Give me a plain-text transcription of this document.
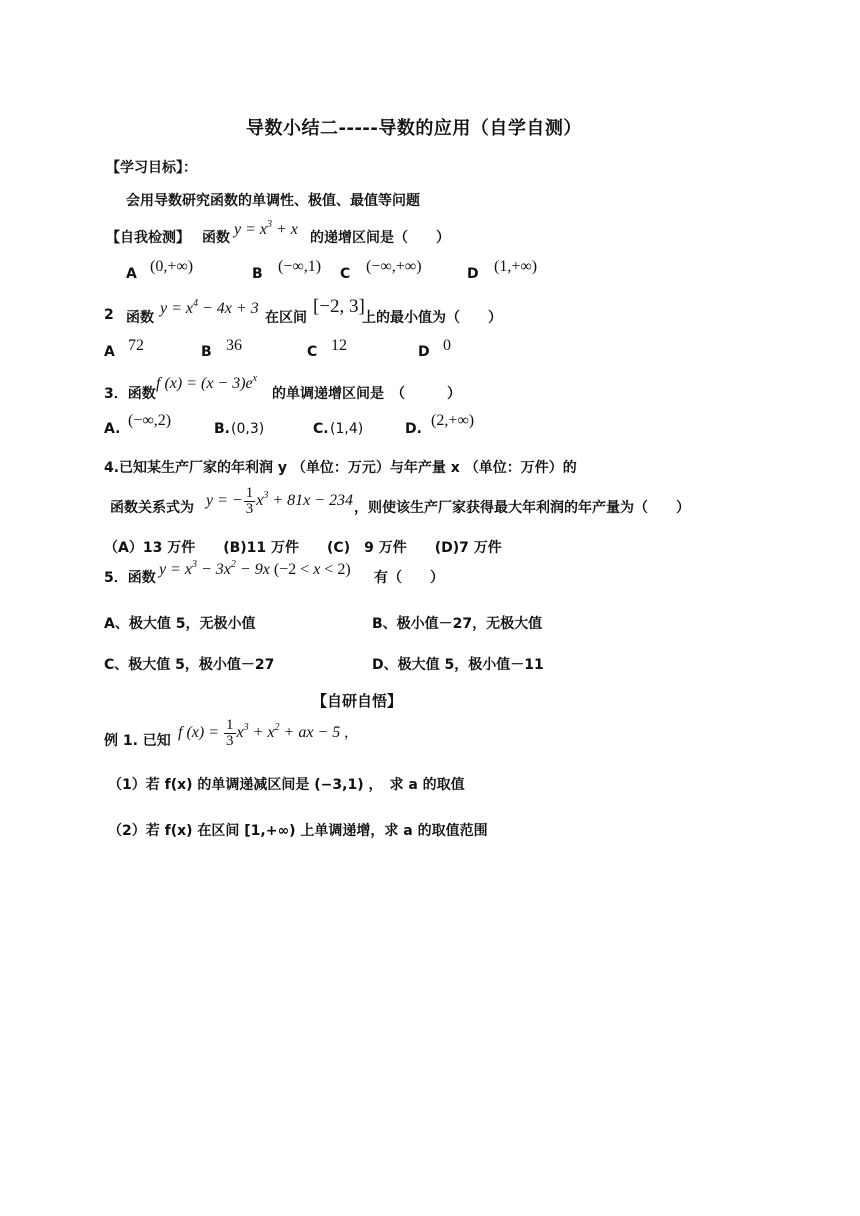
导数小结二-----导数的应用（自学自测）
【学习目标】：
会用导数研究函数的单调性、极值、最值等问题
【自我检测】 函数 $y = x^3 + x$ 的递增区间是（　　）
A (0,+∞)	B (−∞,1) C (−∞,+∞)	D (1,+∞)
2 函数
$y = x^4 - 4x + 3$
在区间
[−2, 3]
上的最小值为（　　）
A 72	B 36	C 12	D 0
3．函数
f $(x) = (x - 3)e^x$
的单调递增区间是　（　　　）
A. (−∞,2)	B. (0,3)	C. (1,4)	D. (2,+∞)
4.已知某生产厂家的年利润 y （单位：万元）与年产量 x （单位：万件）的
函数关系式为 y = − $\frac{1}{3} x^3 + 81x - 234$ ，则使该生产厂家获得最大年利润的年产量为（　　）
（A）13 万件　　(B)11 万件　　(C)　9 万件　　(D)7 万件
5．函数 $y = x^3 - 3x^2 - 9x$ (−2 < x < 2) 有（　　）
A、极大值 5，无极小值	B、极小值－27，无极大值
C、极大值 5，极小值－27	D、极大值 5，极小值－11
【自研自悟】
例 1. 已知 f $(x) = \frac{1}{3} x^3 + x^2$ + ax − 5 ,
（1）若 f(x) 的单调递减区间是 (−3,1) ，　求 a 的取值
（2）若 f(x) 在区间 [1,+∞) 上单调递增，求 a 的取值范围
